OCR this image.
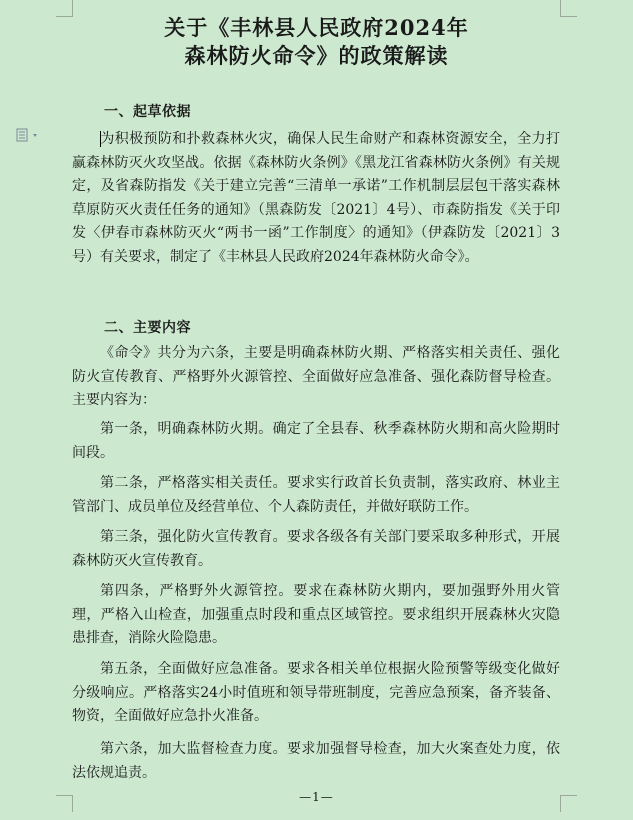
关于《丰林县人民政府2024年
森林防火命令》的政策解读
一、起草依据

为积极预防和扑救森林火灾，确保人民生命财产和森林资源安全，全力打赢森林防灭火攻坚战。依据《森林防火条例》《黑龙江省森林防火条例》有关规定，及省森防指发《关于建立完善“三清单一承诺”工作机制层层包干落实森林草原防灭火责任任务的通知》（黑森防发〔2021〕4号）、市森防指发《关于印发〈伊春市森林防灭火“两书一函”工作制度〉的通知》（伊森防发〔2021〕3号）有关要求，制定了《丰林县人民政府2024年森林防火命令》。

二、主要内容

《命令》共分为六条，主要是明确森林防火期、严格落实相关责任、强化防火宣传教育、严格野外火源管控、全面做好应急准备、强化森防督导检查。主要内容为：

第一条，明确森林防火期。确定了全县春、秋季森林防火期和高火险期时间段。

第二条，严格落实相关责任。要求实行政首长负责制，落实政府、林业主管部门、成员单位及经营单位、个人森防责任，并做好联防工作。

第三条，强化防火宣传教育。要求各级各有关部门要采取多种形式，开展森林防灭火宣传教育。

第四条，严格野外火源管控。要求在森林防火期内，要加强野外用火管理，严格入山检查，加强重点时段和重点区域管控。要求组织开展森林火灾隐患排查，消除火险隐患。

第五条，全面做好应急准备。要求各相关单位根据火险预警等级变化做好分级响应。严格落实24小时值班和领导带班制度，完善应急预案，备齐装备、物资，全面做好应急扑火准备。

第六条，加大监督检查力度。要求加强督导检查，加大火案查处力度，依法依规追责。

—1—
